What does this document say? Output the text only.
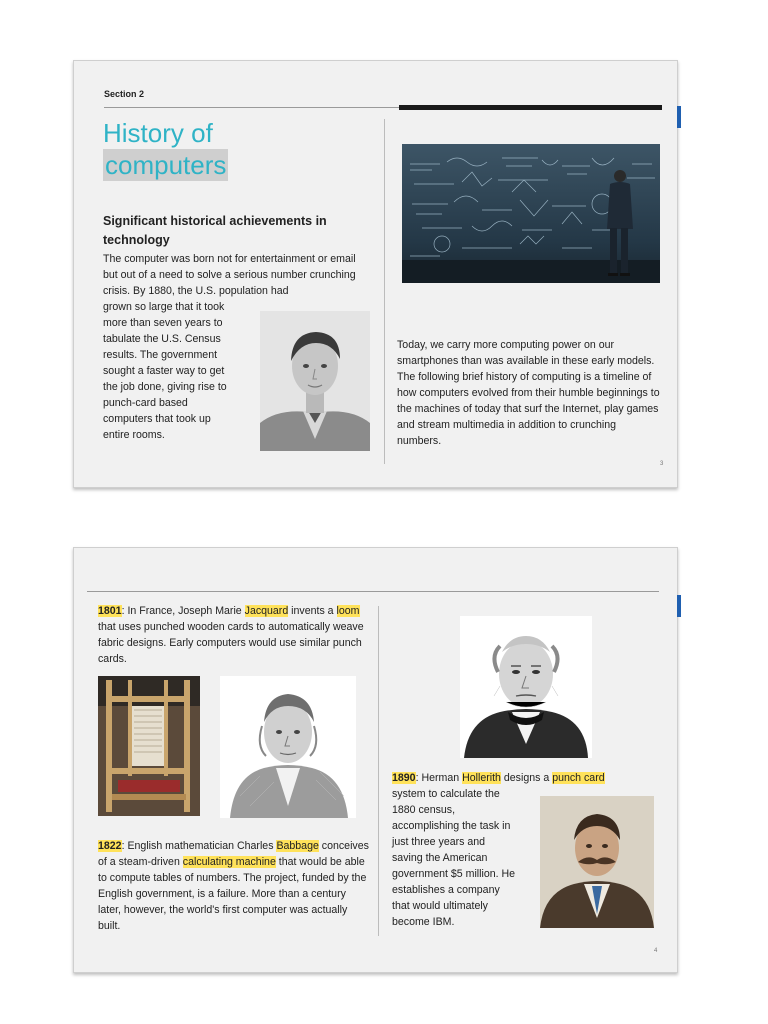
Section 2
History of
computers
Significant historical achievements in technology
The computer was born not for entertainment or email but out of a need to solve a serious number crunching crisis. By 1880, the U.S. population had
grown so large that it took
more than seven years to
tabulate the U.S. Census
results. The government
sought a faster way to get
the job done, giving rise to
punch-card based
computers that took up
entire rooms.
Today, we carry more computing power on our smartphones than was available in these early models. The following brief history of computing is a timeline of how computers evolved from their humble beginnings to the machines of today that surf the Internet, play games and stream multimedia in addition to crunching numbers.
3
1801: In France, Joseph Marie Jacquard invents a loom that uses punched wooden cards to automatically weave fabric designs. Early computers would use similar punch cards.
1822: English mathematician Charles Babbage conceives of a steam-driven calculating machine that would be able to compute tables of numbers. The project, funded by the English government, is a failure. More than a century later, however, the world's first computer was actually built.
1890: Herman Hollerith designs a punch card
system to calculate the
1880 census,
accomplishing the task in
just three years and
saving the American
government $5 million. He
establishes a company
that would ultimately
become IBM.
4
